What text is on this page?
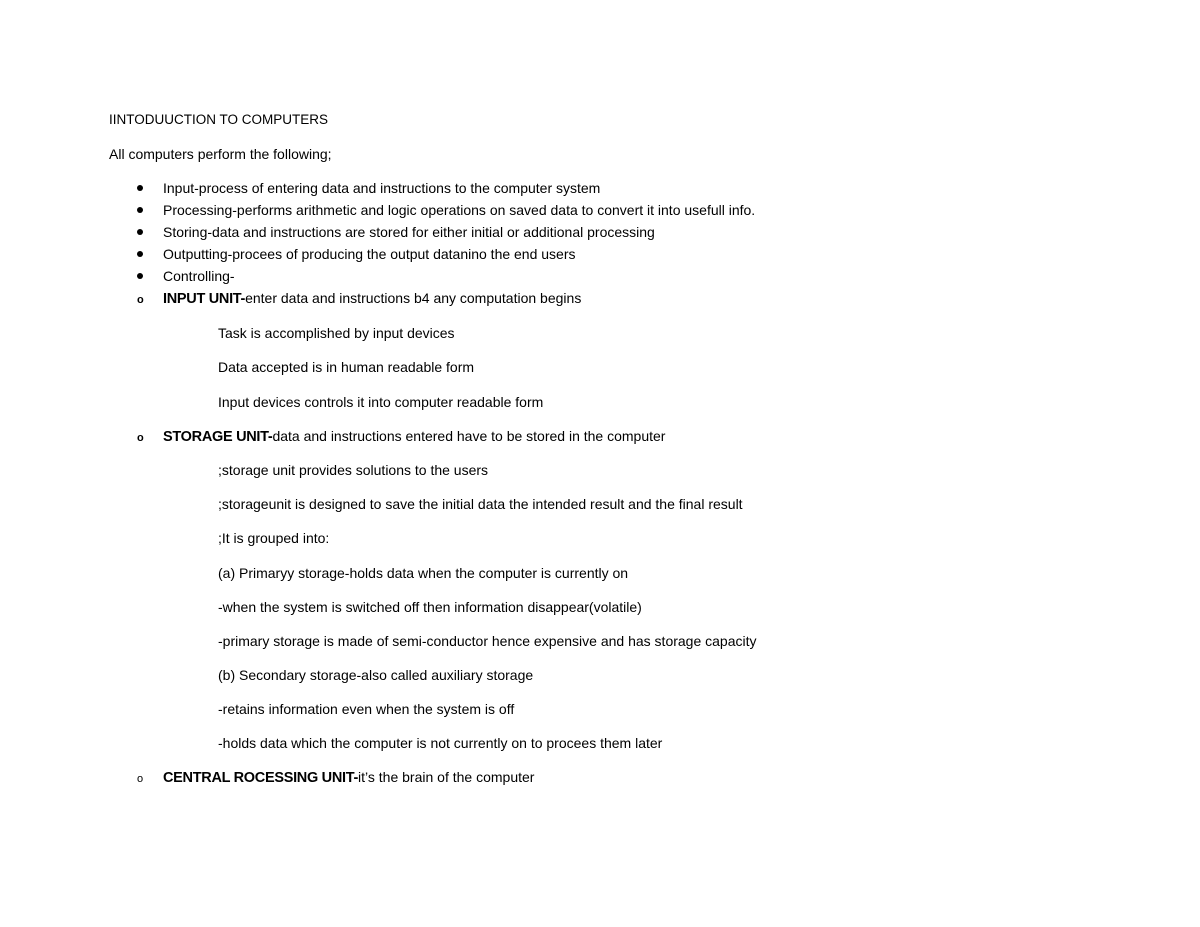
IINTODUUCTION TO COMPUTERS
All computers perform the following;
Input-process of entering data and instructions to the computer system
Processing-performs arithmetic and logic operations on saved data to convert it into usefull info.
Storing-data and instructions are stored for either initial or additional processing
Outputting-procees of producing the output datanino the end users
Controlling-
o INPUT UNIT-enter data and instructions b4 any computation begins
Task is accomplished by input devices
Data accepted is in human readable form
Input devices controls it into computer readable form
o STORAGE UNIT-data and instructions entered have to be stored in the computer
;storage unit provides solutions to the users
;storageunit is designed to save the initial data the intended result and the final result
;It is grouped into:
(a) Primaryy storage-holds data when the computer is currently on
-when the system is switched off then information disappear(volatile)
-primary storage is made of semi-conductor hence expensive and has storage capacity
(b) Secondary storage-also called auxiliary storage
-retains information even when the system is off
-holds data which the computer is not currently on to procees them later
o CENTRAL ROCESSING UNIT-it’s the brain of the computer
